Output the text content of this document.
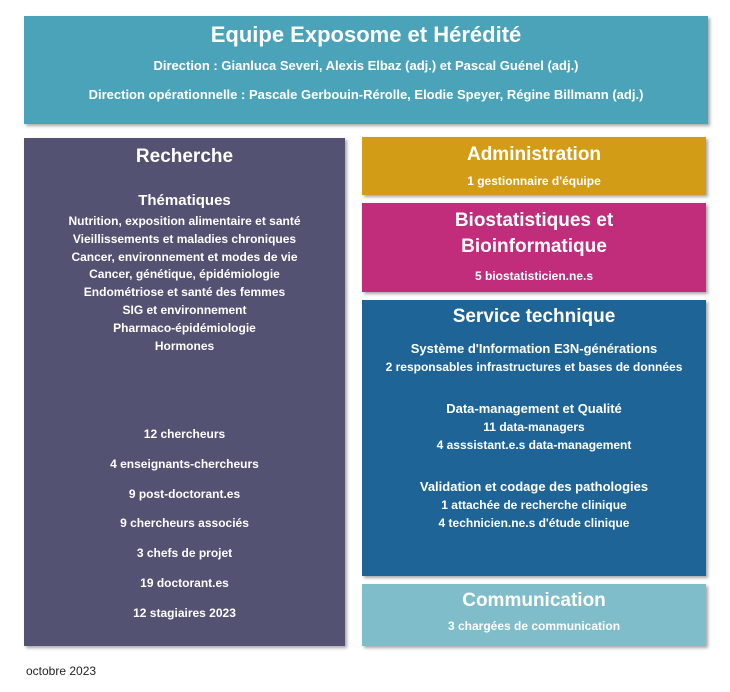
Equipe Exposome et Hérédité
Direction : Gianluca Severi, Alexis Elbaz (adj.) et Pascal Guénel (adj.)
Direction opérationnelle : Pascale Gerbouin-Rérolle, Elodie Speyer, Régine Billmann (adj.)
Recherche
Thématiques
Nutrition, exposition alimentaire et santé
Vieillissements et maladies chroniques
Cancer, environnement et modes de vie
Cancer, génétique, épidémiologie
Endométriose et santé des femmes
SIG et environnement
Pharmaco-épidémiologie
Hormones
12 chercheurs
4 enseignants-chercheurs
9 post-doctorant.es
9 chercheurs associés
3 chefs de projet
19 doctorant.es
12 stagiaires 2023
Administration
1 gestionnaire d'équipe
Biostatistiques et
Bioinformatique
5 biostatisticien.ne.s
Service technique
Système d'Information E3N-générations
2 responsables infrastructures et bases de données
Data-management et Qualité
11 data-managers
4 asssistant.e.s data-management
Validation et codage des pathologies
1 attachée de recherche clinique
4 technicien.ne.s d'étude clinique
Communication
3 chargées de communication
octobre 2023
